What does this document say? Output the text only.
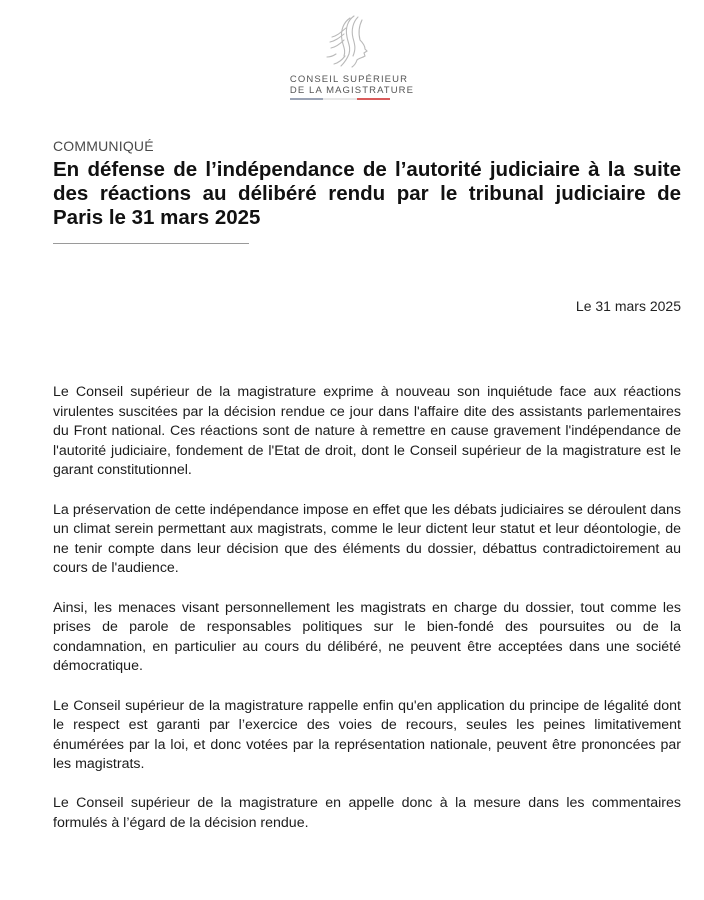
CONSEIL SUPÉRIEUR
DE LA MAGISTRATURE
COMMUNIQUÉ
En défense de l’indépendance de l’autorité judiciaire à la suite des réactions au délibéré rendu par le tribunal judiciaire de Paris le 31 mars 2025
Le 31 mars 2025

Le Conseil supérieur de la magistrature exprime à nouveau son inquiétude face aux réactions virulentes suscitées par la décision rendue ce jour dans l'affaire dite des assistants parlementaires du Front national. Ces réactions sont de nature à remettre en cause gravement l'indépendance de l'autorité judiciaire, fondement de l'Etat de droit, dont le Conseil supérieur de la magistrature est le garant constitutionnel.

La préservation de cette indépendance impose en effet que les débats judiciaires se déroulent dans un climat serein permettant aux magistrats, comme le leur dictent leur statut et leur déontologie, de ne tenir compte dans leur décision que des éléments du dossier, débattus contradictoirement au cours de l'audience.

Ainsi, les menaces visant personnellement les magistrats en charge du dossier, tout comme les prises de parole de responsables politiques sur le bien-fondé des poursuites ou de la condamnation, en particulier au cours du délibéré, ne peuvent être acceptées dans une société démocratique.

Le Conseil supérieur de la magistrature rappelle enfin qu'en application du principe de légalité dont le respect est garanti par l’exercice des voies de recours, seules les peines limitativement énumérées par la loi, et donc votées par la représentation nationale, peuvent être prononcées par les magistrats.

Le Conseil supérieur de la magistrature en appelle donc à la mesure dans les commentaires formulés à l’égard de la décision rendue.
